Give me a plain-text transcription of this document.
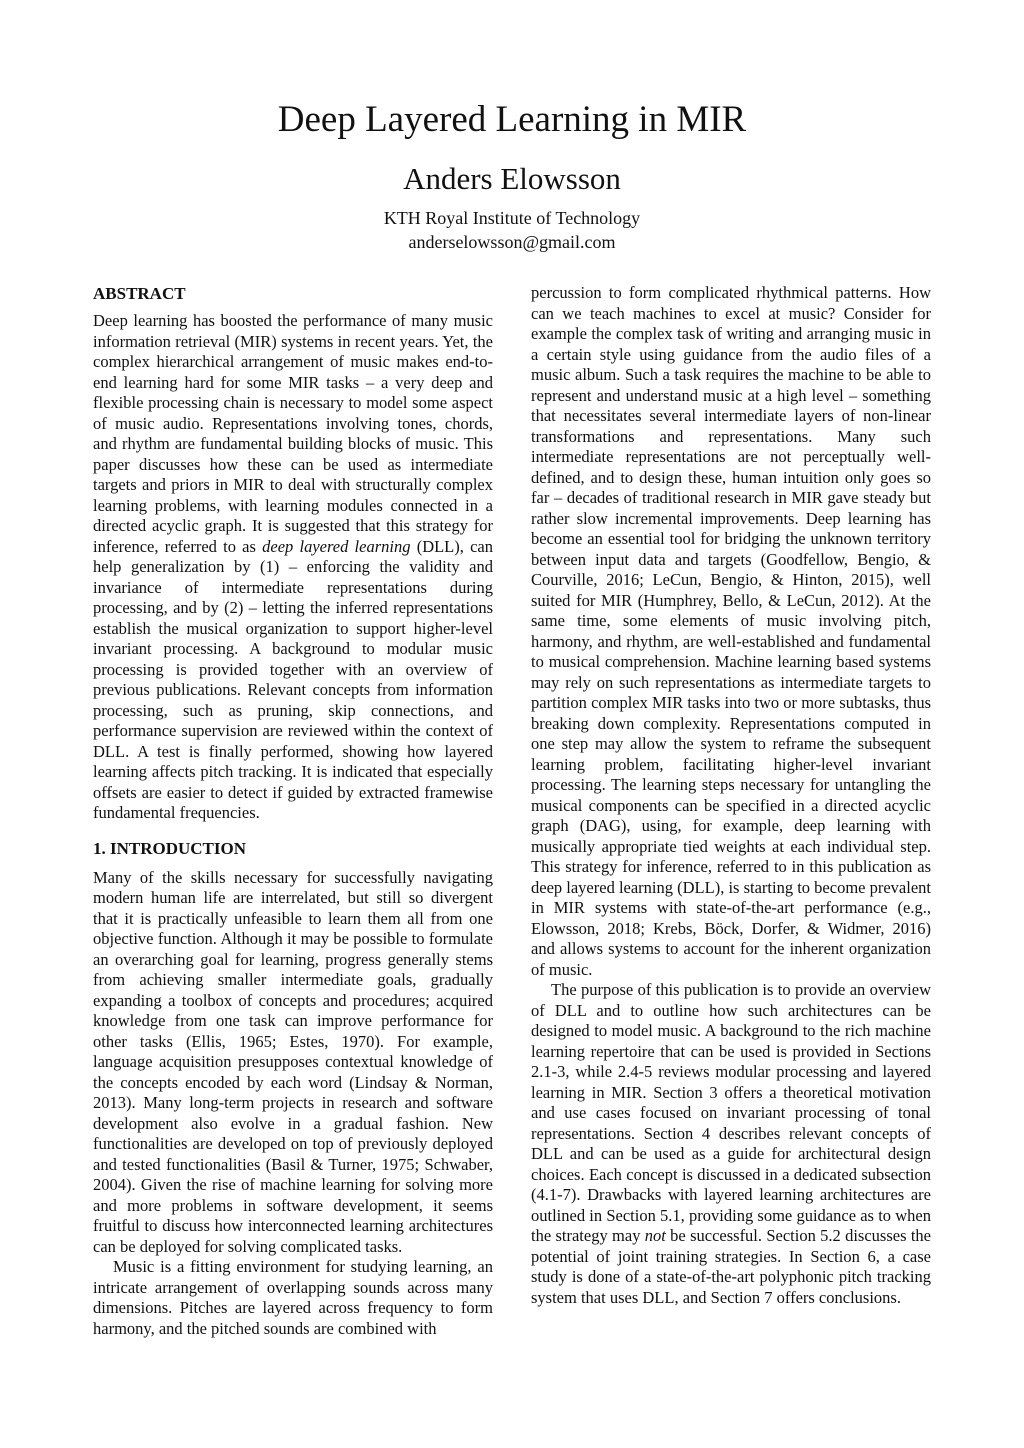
Deep Layered Learning in MIR
Anders Elowsson
KTH Royal Institute of Technology
anderselowsson@gmail.com
ABSTRACT

Deep learning has boosted the performance of many music information retrieval (MIR) systems in recent years. Yet, the complex hierarchical arrangement of music makes end-to-end learning hard for some MIR tasks – a very deep and flexible processing chain is necessary to model some aspect of music audio. Representations involving tones, chords, and rhythm are fundamental building blocks of music. This paper discusses how these can be used as intermediate targets and priors in MIR to deal with structurally complex learning problems, with learning modules connected in a directed acyclic graph. It is suggested that this strategy for inference, referred to as deep layered learning (DLL), can help generalization by (1) – enforcing the validity and invariance of intermediate representations during processing, and by (2) – letting the inferred representations establish the musical organization to support higher-level invariant processing. A background to modular music processing is provided together with an overview of previous publications. Relevant concepts from information processing, such as pruning, skip connections, and performance supervision are reviewed within the context of DLL. A test is finally performed, showing how layered learning affects pitch tracking. It is indicated that especially offsets are easier to detect if guided by extracted framewise fundamental frequencies.

1. INTRODUCTION

Many of the skills necessary for successfully navigating modern human life are interrelated, but still so divergent that it is practically unfeasible to learn them all from one objective function. Although it may be possible to formulate an overarching goal for learning, progress generally stems from achieving smaller intermediate goals, gradually expanding a toolbox of concepts and procedures; acquired knowledge from one task can improve performance for other tasks (Ellis, 1965; Estes, 1970). For example, language acquisition presupposes contextual knowledge of the concepts encoded by each word (Lindsay & Norman, 2013). Many long-term projects in research and software development also evolve in a gradual fashion. New functionalities are developed on top of previously deployed and tested functionalities (Basil & Turner, 1975; Schwaber, 2004). Given the rise of machine learning for solving more and more problems in software development, it seems fruitful to discuss how interconnected learning architectures can be deployed for solving complicated tasks.

Music is a fitting environment for studying learning, an intricate arrangement of overlapping sounds across many dimensions. Pitches are layered across frequency to form harmony, and the pitched sounds are combined with

percussion to form complicated rhythmical patterns. How can we teach machines to excel at music? Consider for example the complex task of writing and arranging music in a certain style using guidance from the audio files of a music album. Such a task requires the machine to be able to represent and understand music at a high level – something that necessitates several intermediate layers of non-linear transformations and representations. Many such intermediate representations are not perceptually well-defined, and to design these, human intuition only goes so far – decades of traditional research in MIR gave steady but rather slow incremental improvements. Deep learning has become an essential tool for bridging the unknown territory between input data and targets (Goodfellow, Bengio, & Courville, 2016; LeCun, Bengio, & Hinton, 2015), well suited for MIR (Humphrey, Bello, & LeCun, 2012). At the same time, some elements of music involving pitch, harmony, and rhythm, are well-established and fundamental to musical comprehension. Machine learning based systems may rely on such representations as intermediate targets to partition complex MIR tasks into two or more subtasks, thus breaking down complexity. Representations computed in one step may allow the system to reframe the subsequent learning problem, facilitating higher-level invariant processing. The learning steps necessary for untangling the musical components can be specified in a directed acyclic graph (DAG), using, for example, deep learning with musically appropriate tied weights at each individual step. This strategy for inference, referred to in this publication as deep layered learning (DLL), is starting to become prevalent in MIR systems with state-of-the-art performance (e.g., Elowsson, 2018; Krebs, Böck, Dorfer, & Widmer, 2016) and allows systems to account for the inherent organization of music.

The purpose of this publication is to provide an overview of DLL and to outline how such architectures can be designed to model music. A background to the rich machine learning repertoire that can be used is provided in Sections 2.1-3, while 2.4-5 reviews modular processing and layered learning in MIR. Section 3 offers a theoretical motivation and use cases focused on invariant processing of tonal representations. Section 4 describes relevant concepts of DLL and can be used as a guide for architectural design choices. Each concept is discussed in a dedicated subsection (4.1-7). Drawbacks with layered learning architectures are outlined in Section 5.1, providing some guidance as to when the strategy may not be successful. Section 5.2 discusses the potential of joint training strategies. In Section 6, a case study is done of a state-of-the-art polyphonic pitch tracking system that uses DLL, and Section 7 offers conclusions.
